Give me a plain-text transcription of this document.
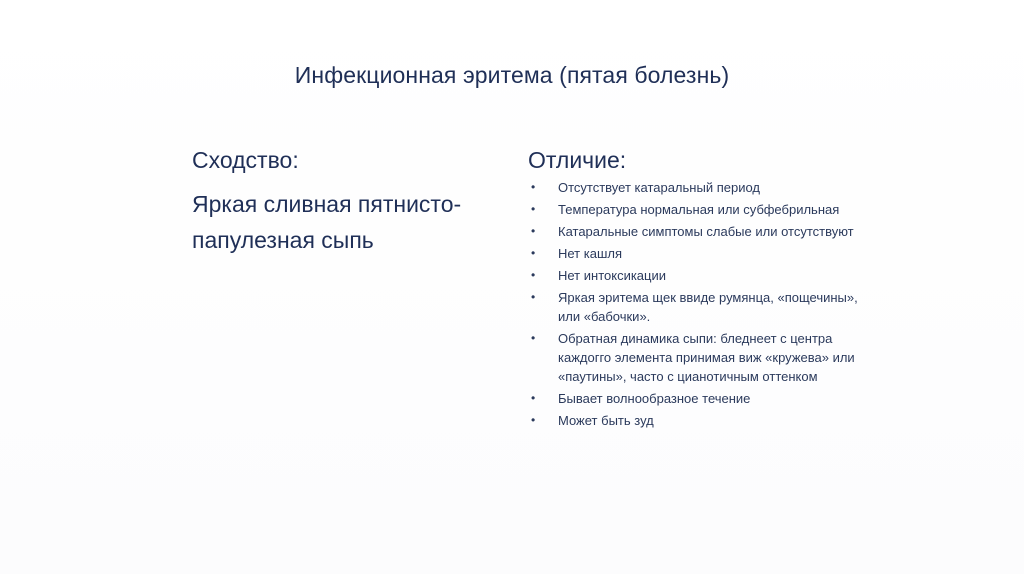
Инфекционная эритема (пятая болезнь)
Сходство:

Яркая сливная пятнисто-папулезная сыпь

Отличие:
• Отсутствует катаральный период
• Температура нормальная или субфебрильная
• Катаральные симптомы слабые или отсутствуют
• Нет кашля
• Нет интоксикации
• Яркая эритема щек ввиде румянца, «пощечины», или «бабочки».
• Обратная динамика сыпи: бледнеет с центра каждогго элемента принимая виж «кружева» или «паутины», часто с цианотичным оттенком
• Бывает волнообразное течение
• Может быть зуд
